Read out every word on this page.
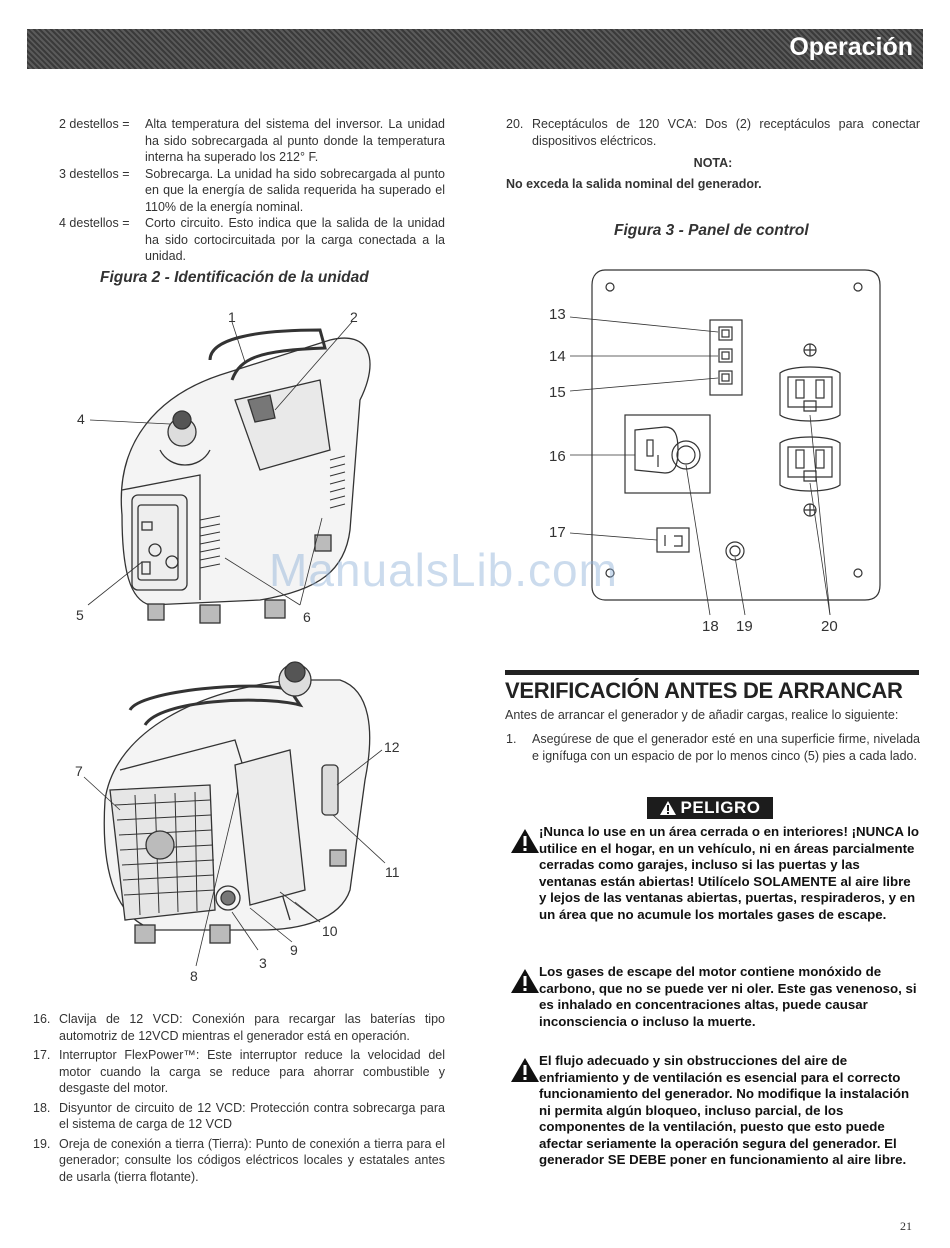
Operación
2 destellos =	Alta temperatura del sistema del inversor. La unidad ha sido sobrecargada al punto donde la temperatura interna ha superado los 212° F.
3 destellos =	Sobrecarga. La unidad ha sido sobrecargada al punto en que la energía de salida requerida ha superado el 110% de la energía nominal.
4 destellos =	Corto circuito. Esto indica que la salida de la unidad ha sido cortocircuitada por la carga conectada a la unidad.
Figura 2 - Identificación de la unidad
1	2
4
5	6
7
12
11
10
9
3
8
16. Clavija de 12 VCD: Conexión para recargar las baterías tipo automotriz de 12VCD mientras el generador está en operación.
17. Interruptor FlexPower™: Este interruptor reduce la velocidad del motor cuando la carga se reduce para ahorrar combustible y desgaste del motor.
18. Disyuntor de circuito de 12 VCD: Protección contra sobrecarga para el sistema de carga de 12 VCD
19. Oreja de conexión a tierra (Tierra): Punto de conexión a tierra para el generador; consulte los códigos eléctricos locales y estatales antes de usarla (tierra flotante).
20. Receptáculos de 120 VCA: Dos (2) receptáculos para conectar dispositivos eléctricos.
NOTA:
No exceda la salida nominal del generador.
Figura 3 - Panel de control
13
14
15
16
17
18 19	20
ManualsLib.com
VERIFICACIÓN ANTES DE ARRANCAR
Antes de arrancar el generador y de añadir cargas, realice lo siguiente:
1.	Asegúrese de que el generador esté en una superficie firme, nivelada e ignífuga con un espacio de por lo menos cinco (5) pies a cada lado.
PELIGRO
¡Nunca lo use en un área cerrada o en interiores! ¡NUNCA lo utilice en el hogar, en un vehículo, ni en áreas parcialmente cerradas como garajes, incluso si las puertas y las ventanas están abiertas! Utilícelo SOLAMENTE al aire libre y lejos de las ventanas abiertas, puertas, respiraderos, y en un área que no acumule los mortales gases de escape.
Los gases de escape del motor contiene monóxido de carbono, que no se puede ver ni oler. Este gas venenoso, si es inhalado en concentraciones altas, puede causar inconsciencia o incluso la muerte.
El flujo adecuado y sin obstrucciones del aire de enfriamiento y de ventilación es esencial para el correcto funcionamiento del generador. No modifique la instalación ni permita algún bloqueo, incluso parcial, de los componentes de la ventilación, puesto que esto puede afectar seriamente la operación segura del generador. El generador SE DEBE poner en funcionamiento al aire libre.
21
